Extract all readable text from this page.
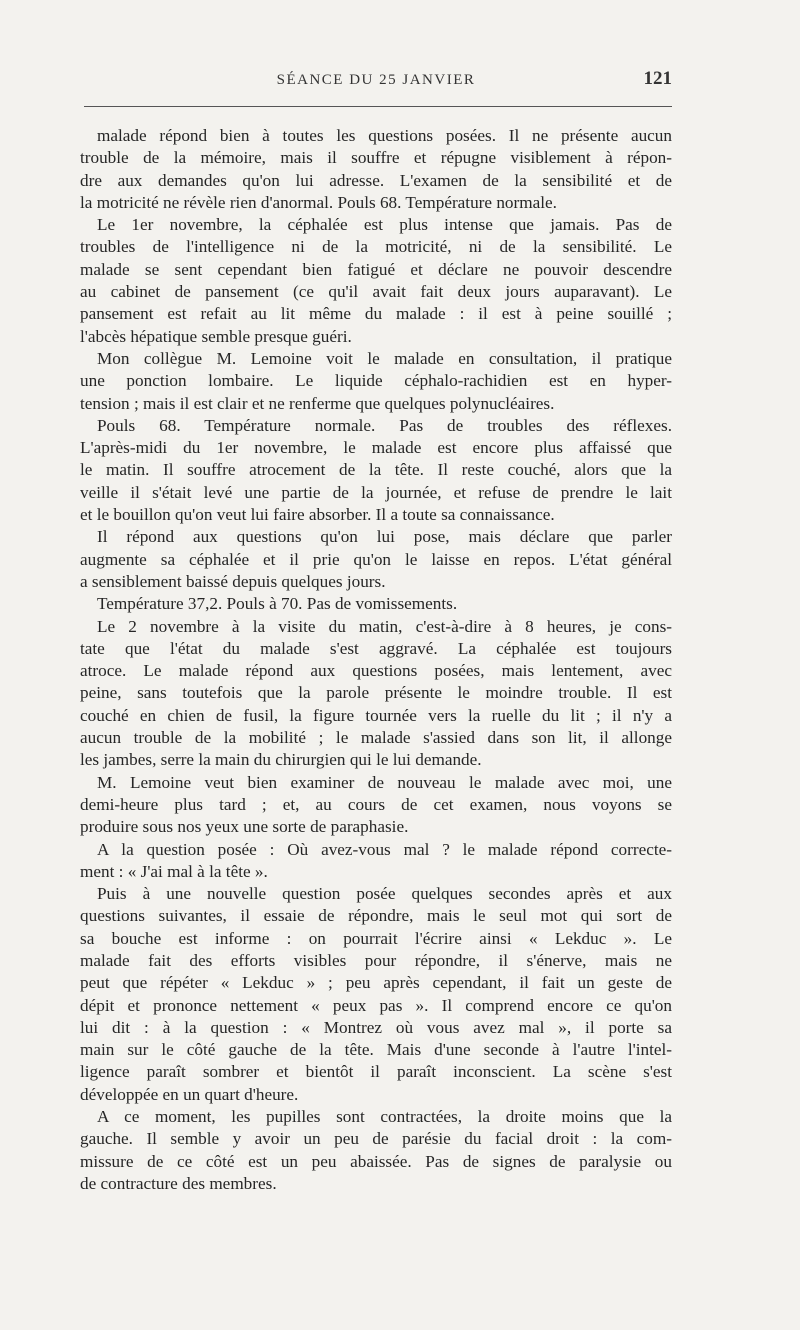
SÉANCE DU 25 JANVIER	121
malade répond bien à toutes les questions posées. Il ne présente aucun
trouble de la mémoire, mais il souffre et répugne visiblement à répon-
dre aux demandes qu'on lui adresse. L'examen de la sensibilité et de
la motricité ne révèle rien d'anormal. Pouls 68. Température normale.
Le 1er novembre, la céphalée est plus intense que jamais. Pas de
troubles de l'intelligence ni de la motricité, ni de la sensibilité. Le
malade se sent cependant bien fatigué et déclare ne pouvoir descendre
au cabinet de pansement (ce qu'il avait fait deux jours auparavant). Le
pansement est refait au lit même du malade : il est à peine souillé ;
l'abcès hépatique semble presque guéri.
Mon collègue M. Lemoine voit le malade en consultation, il pratique
une ponction lombaire. Le liquide céphalo-rachidien est en hyper-
tension ; mais il est clair et ne renferme que quelques polynucléaires.
Pouls 68. Température normale. Pas de troubles des réflexes.
L'après-midi du 1er novembre, le malade est encore plus affaissé que
le matin. Il souffre atrocement de la tête. Il reste couché, alors que la
veille il s'était levé une partie de la journée, et refuse de prendre le lait
et le bouillon qu'on veut lui faire absorber. Il a toute sa connaissance.
Il répond aux questions qu'on lui pose, mais déclare que parler
augmente sa céphalée et il prie qu'on le laisse en repos. L'état général
a sensiblement baissé depuis quelques jours.
Température 37,2. Pouls à 70. Pas de vomissements.
Le 2 novembre à la visite du matin, c'est-à-dire à 8 heures, je cons-
tate que l'état du malade s'est aggravé. La céphalée est toujours
atroce. Le malade répond aux questions posées, mais lentement, avec
peine, sans toutefois que la parole présente le moindre trouble. Il est
couché en chien de fusil, la figure tournée vers la ruelle du lit ; il n'y a
aucun trouble de la mobilité ; le malade s'assied dans son lit, il allonge
les jambes, serre la main du chirurgien qui le lui demande.
M. Lemoine veut bien examiner de nouveau le malade avec moi, une
demi-heure plus tard ; et, au cours de cet examen, nous voyons se
produire sous nos yeux une sorte de paraphasie.
A la question posée : Où avez-vous mal ? le malade répond correcte-
ment : « J'ai mal à la tête ».
Puis à une nouvelle question posée quelques secondes après et aux
questions suivantes, il essaie de répondre, mais le seul mot qui sort de
sa bouche est informe : on pourrait l'écrire ainsi « Lekduc ». Le
malade fait des efforts visibles pour répondre, il s'énerve, mais ne
peut que répéter « Lekduc » ; peu après cependant, il fait un geste de
dépit et prononce nettement « peux pas ». Il comprend encore ce qu'on
lui dit : à la question : « Montrez où vous avez mal », il porte sa
main sur le côté gauche de la tête. Mais d'une seconde à l'autre l'intel-
ligence paraît sombrer et bientôt il paraît inconscient. La scène s'est
développée en un quart d'heure.
A ce moment, les pupilles sont contractées, la droite moins que la
gauche. Il semble y avoir un peu de parésie du facial droit : la com-
missure de ce côté est un peu abaissée. Pas de signes de paralysie ou
de contracture des membres.
